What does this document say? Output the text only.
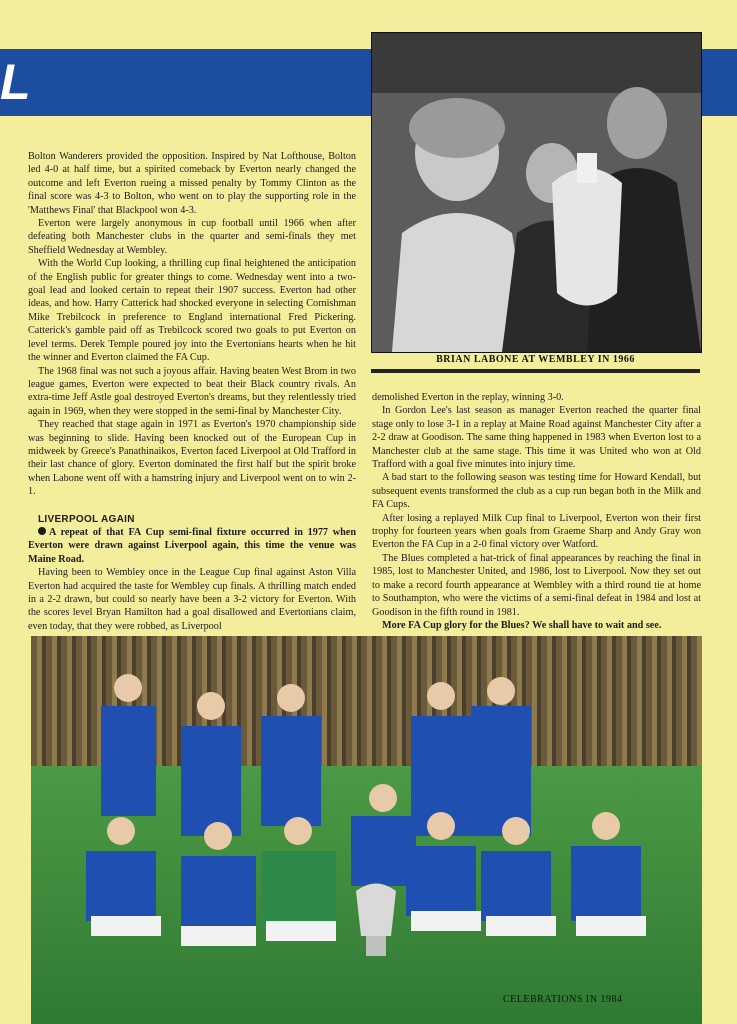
L
BRIAN LABONE AT WEMBLEY IN 1966

Bolton Wanderers provided the opposition. Inspired by Nat Lofthouse, Bolton led 4-0 at half time, but a spirited comeback by Everton nearly changed the outcome and left Everton rueing a missed penalty by Tommy Clinton as the final score was 4-3 to Bolton, who went on to play the supporting role in the 'Matthews Final' that Blackpool won 4-3.

Everton were largely anonymous in cup football until 1966 when after defeating both Manchester clubs in the quarter and semi-finals they met Sheffield Wednesday at Wembley.

With the World Cup looking, a thrilling cup final heightened the anticipation of the English public for greater things to come. Wednesday went into a two-goal lead and looked certain to repeat their 1907 success. Everton had other ideas, and how. Harry Catterick had shocked everyone in selecting Cornishman Mike Trebilcock in preference to England international Fred Pickering. Catterick's gamble paid off as Trebilcock scored two goals to put Everton on level terms. Derek Temple poured joy into the Evertonians hearts when he hit the winner and Everton claimed the FA Cup.

The 1968 final was not such a joyous affair. Having beaten West Brom in two league games, Everton were expected to beat their Black country rivals. An extra-time Jeff Astle goal destroyed Everton's dreams, but they relentlessly tried again in 1969, when they were stopped in the semi-final by Manchester City.

They reached that stage again in 1971 as Everton's 1970 championship side was beginning to slide. Having been knocked out of the European Cup in midweek by Greece's Panathinaikos, Everton faced Liverpool at Old Trafford in their last chance of glory. Everton dominated the first half but the spirit broke when Labone went off with a hamstring injury and Liverpool went on to win 2-1.

LIVERPOOL AGAIN

A repeat of that FA Cup semi-final fixture occurred in 1977 when Everton were drawn against Liverpool again, this time the venue was Maine Road.

Having been to Wembley once in the League Cup final against Aston Villa Everton had acquired the taste for Wembley cup finals. A thrilling match ended in a 2-2 drawn, but could so nearly have been a 3-2 victory for Everton. With the scores level Bryan Hamilton had a goal disallowed and Evertonians claim, even today, that they were robbed, as Liverpool

demolished Everton in the replay, winning 3-0.

In Gordon Lee's last season as manager Everton reached the quarter final stage only to lose 3-1 in a replay at Maine Road against Manchester City after a 2-2 draw at Goodison. The same thing happened in 1983 when Everton lost to a Manchester club at the same stage. This time it was United who won at Old Trafford with a goal five minutes into injury time.

A bad start to the following season was testing time for Howard Kendall, but subsequent events transformed the club as a cup run began both in the Milk and FA Cups.

After losing a replayed Milk Cup final to Liverpool, Everton won their first trophy for fourteen years when goals from Graeme Sharp and Andy Gray won Everton the FA Cup in a 2-0 final victory over Watford.

The Blues completed a hat-trick of final appearances by reaching the final in 1985, lost to Manchester United, and 1986, lost to Liverpool. Now they set out to make a record fourth appearance at Wembley with a third round tie at home to Southampton, who were the victims of a semi-final defeat in 1984 and lost at Goodison in the fifth round in 1981.

More FA Cup glory for the Blues? We shall have to wait and see.

CELEBRATIONS IN 1984
